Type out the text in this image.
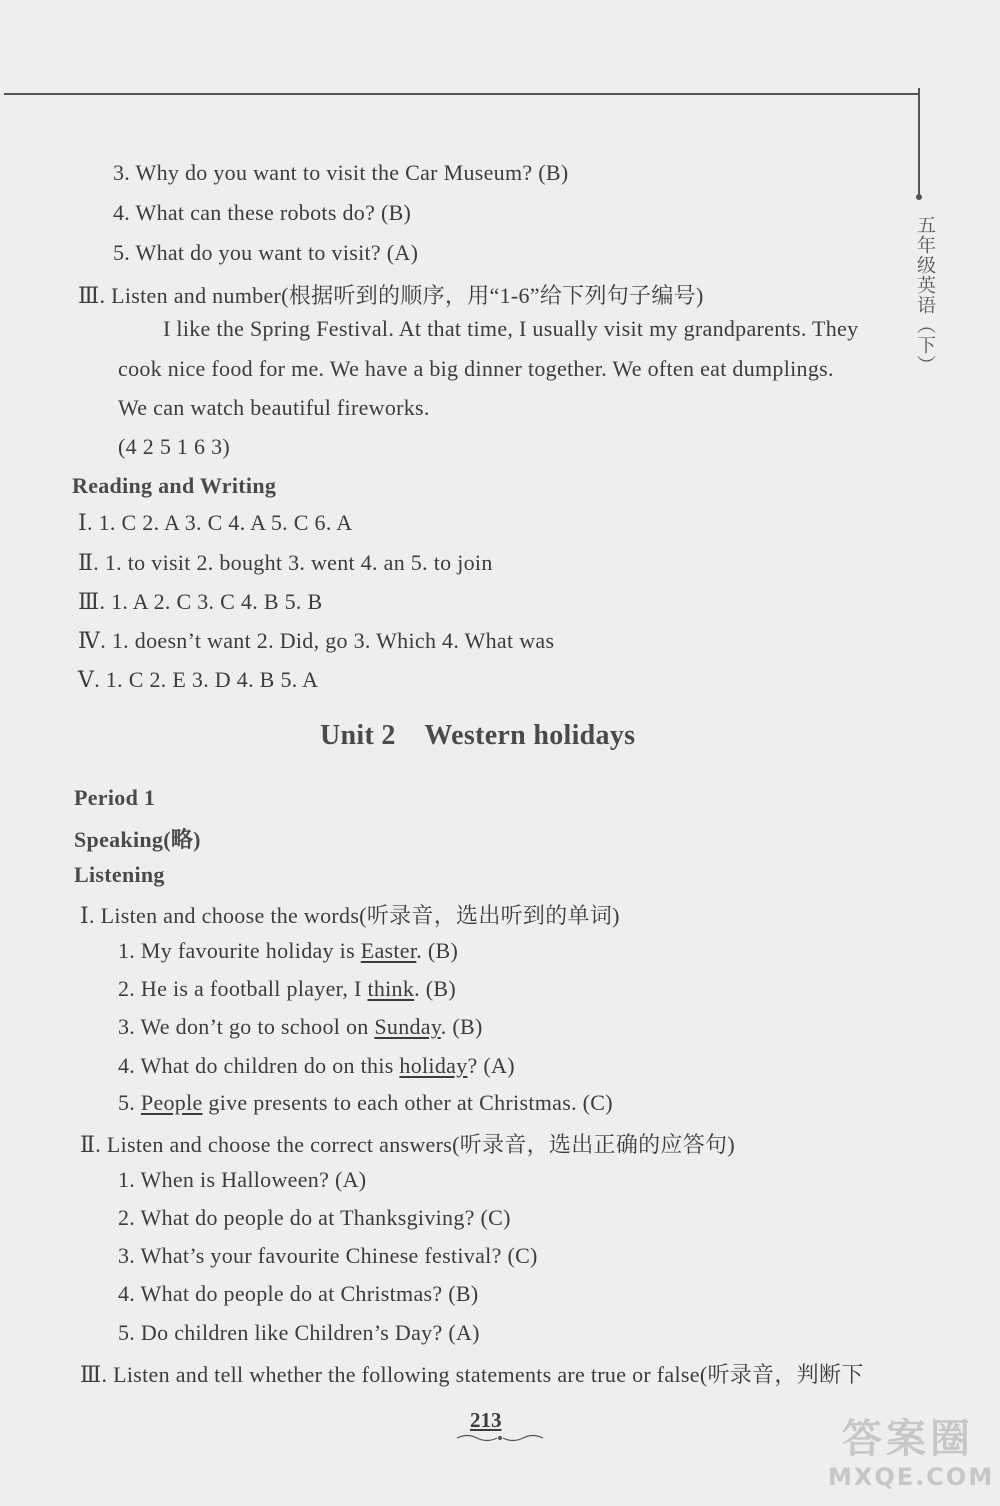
五年级英语（下）
3. Why do you want to visit the Car Museum? (B)
4. What can these robots do? (B)
5. What do you want to visit? (A)
Ⅲ. Listen and number(根据听到的顺序，用“1-6”给下列句子编号)
I like the Spring Festival. At that time, I usually visit my grandparents. They
cook nice food for me. We have a big dinner together. We often eat dumplings.
We can watch beautiful fireworks.
(4 2 5 1 6 3)
Reading and Writing
Ⅰ. 1. C 2. A 3. C 4. A 5. C 6. A
Ⅱ. 1. to visit 2. bought 3. went 4. an 5. to join
Ⅲ. 1. A 2. C 3. C 4. B 5. B
Ⅳ. 1. doesn’t want 2. Did, go 3. Which 4. What was
Ⅴ. 1. C 2. E 3. D 4. B 5. A
Unit 2    Western holidays
Period 1
Speaking(略)
Listening
Ⅰ. Listen and choose the words(听录音，选出听到的单词)
1. My favourite holiday is Easter. (B)
2. He is a football player, I think. (B)
3. We don’t go to school on Sunday. (B)
4. What do children do on this holiday? (A)
5. People give presents to each other at Christmas. (C)
Ⅱ. Listen and choose the correct answers(听录音，选出正确的应答句)
1. When is Halloween? (A)
2. What do people do at Thanksgiving? (C)
3. What’s your favourite Chinese festival? (C)
4. What do people do at Christmas? (B)
5. Do children like Children’s Day? (A)
Ⅲ. Listen and tell whether the following statements are true or false(听录音，判断下
213	答案圈
MXQE.COM
